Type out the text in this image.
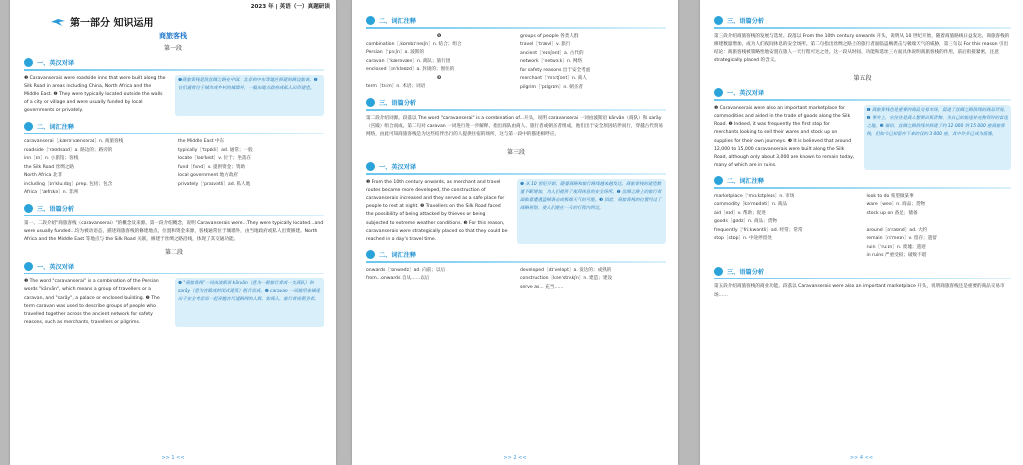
2023 年 | 英语（一）真题研读
第一部分 知识运用
商旅客栈
第一段
一、英汉对译

❶ Caravanserais were roadside inns that were built along the Silk Road in areas including China, North Africa and the Middle East. ❷ They were typically located outside the walls of a city or village and were usually funded by local governments or privately.

❶商旅客栈是沿丝绸之路在中国、北非和中东等地区修建的路边旅舍。❷它们通常位于城市或乡村的城墙外，一般由地方政府或私人出资建造。
二、词汇注释
caravanserai［ˌkærəˈvænsəraɪ］n. 商旅客栈
roadside［ˈrəʊdsaɪd］a. 路边的；路旁的
inn［ɪn］n. 小旅馆；客栈
the Silk Road 丝绸之路
North Africa 北非
including［ɪnˈkluːdɪŋ］prep. 包括；包含
Africa［ˈæfrɪkə］n. 非洲
the Middle East 中东
typically［ˈtɪpɪkli］ad. 通常；一般
locate［ləʊˈkeɪt］v. 位于；坐落在
fund［fʌnd］v. 提供资金；资助
local government 地方政府
privately［ˈpraɪvətli］ad. 私人地
三、语篇分析

第一、二段介绍"商旅客栈（caravanserai）"的概念及来源。第一段介绍概念，说明 Caravanserais were...They were typically located...and were usually funded...均为被动语态，描述商旅客栈的修建地点、位置和资金来源，客栈通常位于城墙外，由当地政府或私人出资修建。North Africa and the Middle East 等地点与 the Silk Road 关联，修建于丝绸之路沿线，体现了其交通功能。

第二段
一、英汉对译

❶ The word "caravanserai" is a combination of the Persian words "kārvān", which means a group of travellers or a caravan, and "sarāy", a palace or enclosed building. ❷ The term caravan was used to describe groups of people who travelled together across the ancient network for safety reasons, such as merchants, travellers or pilgrims.

❶ "商旅客栈"一词由波斯语 kārvān（意为一群旅行者或一支商队）和 sarāy（意为宫殿或封闭式建筑）组合而成。❷ caravan 一词被用来描述出于安全考虑而一起穿越古代道路网的人群，如商人、旅行者或朝圣者。
>> 1 <<
二、词汇注释
❶
combination［ˌkɒmbɪˈneɪʃn］n. 结合；组合
Persian［ˈpɜːʃn］a. 波斯的
caravan［ˈkærəvæn］n. 商队；旅行团
enclosed［ɪnˈkləʊzd］a. 封闭的；围住的
❷
term［tɜːm］n. 术语；词语
groups of people 各类人群
travel［ˈtrævl］v. 旅行
ancient［ˈeɪnʃənt］a. 古代的
network［ˈnetwɜːk］n. 网络
for safety reasons 出于安全考虑
merchant［ˈmɜːtʃənt］n. 商人
pilgrim［ˈpɪlɡrɪm］n. 朝圣者
三、语篇分析

第二段介绍词源。段落以 The word "caravanserai" is a combination of...开头，说明 caravanserai 一词由波斯语 kārvān（商队）和 sarāy（宫殿）组合而成。第二句对 caravan 一词进行进一步解释，指出商队由商人、旅行者或朝圣者组成，他们出于安全原因结伴而行，穿越古代贸易网络，由此可知商旅客栈是为这些结伴出行的人提供住宿的场所，这与第一段中的描述相呼应。

第三段
一、英汉对译

❶ From the 10th century onwards, as merchant and travel routes became more developed, the construction of caravanserais increased and they served as a safe place for people to rest at night. ❷ Travellers on the Silk Road faced the possibility of being attacked by thieves or being subjected to extreme weather conditions. ❸ For this reason, caravanserais were strategically placed so that they could be reached in a day's travel time.

❶ 从 10 世纪开始，随着商路和旅行路线越来越发达，商旅客栈的建造数量不断增加，为人们提供了夜间休息的安全场所。❷ 丝绸之路上的旅行者面临着遭遇盗贼袭击或极端天气的可能。❸ 因此，商旅客栈的位置经过了战略规划，使人们能在一天的行程内到达。
二、词汇注释
onwards［ˈɒnwədz］ad. 向前；以后
from...onwards 自从……以后
developed［dɪˈveləpt］a. 发达的；成熟的
construction［kənˈstrʌkʃn］n. 建造；建设
serve as... 充当……
>> 2 <<
三、语篇分析

第三段介绍商旅客栈的发展与选址。段落以 From the 10th century onwards 开头，说明从 10 世纪开始，随着商旅路线日益发达，商旅客栈的修建数量增加，成为人们夜间休息的安全场所。第二句指出丝绸之路上的旅行者面临盗贼袭击与极端天气的威胁，第三句以 For this reason 引出结论：商旅客栈被策略性地安置在旅人一天行程可达之处。这一段从时间、功能和选址三方面具体说明商旅客栈的作用，前后衔接紧密，注意 strategically placed 的含义。

第五段
一、英汉对译

❶ Caravanserais were also an important marketplace for commodities and aided in the trade of goods along the Silk Road. ❷ Indeed, it was frequently the first stop for merchants looking to sell their wares and stock up on supplies for their own journeys. ❸ It is believed that around 12,000 to 15,000 caravanserais were built along the Silk Road, although only about 3,000 are known to remain today, many of which are in ruins.

❶ 商旅客栈也是重要的商品交易市场，促进了丝绸之路沿线的商品贸易。❷ 事实上，它往往是商人想要出售货物、为自己的旅途补充物资时的首选之地。❸ 据信，丝绸之路沿线共修建了约 12 000 到 15 000 座商旅客栈，但如今已知留存下来的仅约 3 000 座，其中许多已成为废墟。
二、词汇注释
marketplace［ˈmɑːkɪtpleɪs］n. 市场
commodity［kəˈmɒdəti］n. 商品
aid［eɪd］v. 帮助；促进
goods［ɡʊdz］n. 商品；货物
look to do 希望做某事
ware［weə］n. 商品；货物
stock up on 备足；储备
frequently［ˈfriːkwəntli］ad. 经常；常常
stop［stɒp］n. 中途停留处
around［əˈraʊnd］ad. 大约
remain［rɪˈmeɪn］v. 留存；遗留
ruin［ˈruːɪn］n. 废墟；遗迹
in ruins 严重受损；破败不堪
三、语篇分析

第五段介绍商旅客栈的商业功能。段落以 Caravanserais were also an important marketplace 开头，说明商旅客栈还是重要的商品交易市场……

>> 4 <<
